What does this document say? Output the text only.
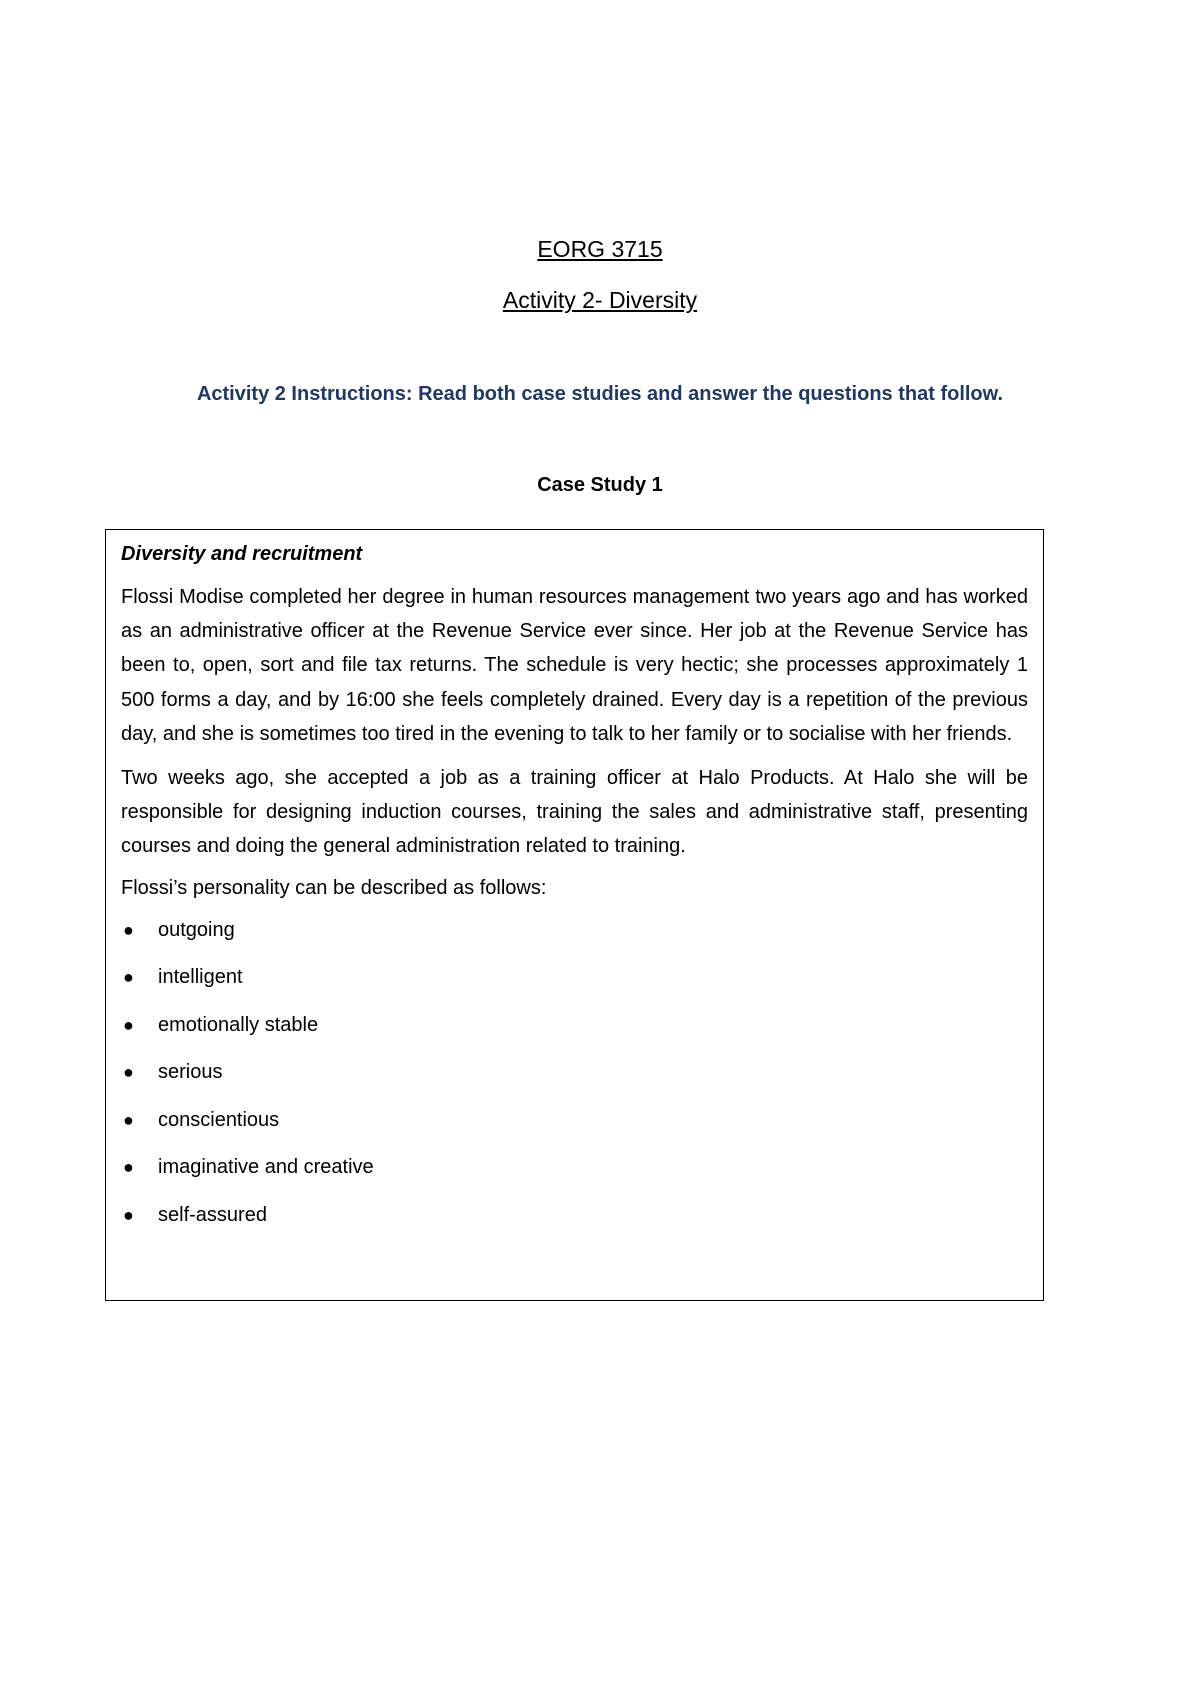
EORG 3715
Activity 2- Diversity
Activity 2 Instructions: Read both case studies and answer the questions that follow.
Case Study 1
Diversity and recruitment

Flossi Modise completed her degree in human resources management two years ago and has worked as an administrative officer at the Revenue Service ever since. Her job at the Revenue Service has been to, open, sort and file tax returns. The schedule is very hectic; she processes approximately 1 500 forms a day, and by 16:00 she feels completely drained. Every day is a repetition of the previous day, and she is sometimes too tired in the evening to talk to her family or to socialise with her friends.

Two weeks ago, she accepted a job as a training officer at Halo Products. At Halo she will be responsible for designing induction courses, training the sales and administrative staff, presenting courses and doing the general administration related to training.

Flossi’s personality can be described as follows:

●	outgoing
●	intelligent
●	emotionally stable
●	serious
●	conscientious
●	imaginative and creative
●	self-assured
